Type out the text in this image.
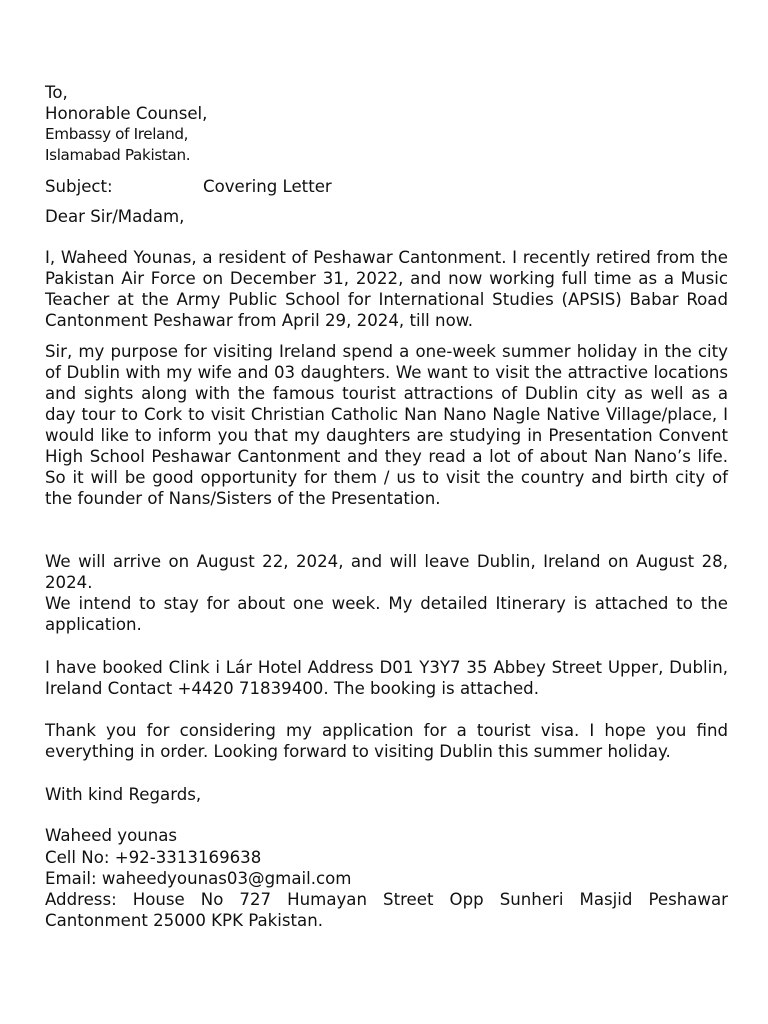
To,
Honorable Counsel,
Embassy of Ireland,
Islamabad Pakistan.
Subject:	Covering Letter
Dear Sir/Madam,
I, Waheed Younas, a resident of Peshawar Cantonment. I recently retired from the Pakistan Air Force on December 31, 2022, and now working full time as a Music Teacher at the Army Public School for International Studies (APSIS) Babar Road Cantonment Peshawar from April 29, 2024, till now.
Sir, my purpose for visiting Ireland spend a one-week summer holiday in the city of Dublin with my wife and 03 daughters. We want to visit the attractive locations and sights along with the famous tourist attractions of Dublin city as well as a day tour to Cork to visit Christian Catholic Nan Nano Nagle Native Village/place, I would like to inform you that my daughters are studying in Presentation Convent High School Peshawar Cantonment and they read a lot of about Nan Nano’s life. So it will be good opportunity for them / us to visit the country and birth city of the founder of Nans/Sisters of the Presentation.
We will arrive on August 22, 2024, and will leave Dublin, Ireland on August 28, 2024.
We intend to stay for about one week. My detailed Itinerary is attached to the application.
I have booked Clink i Lár Hotel Address D01 Y3Y7 35 Abbey Street Upper, Dublin, Ireland Contact +4420 71839400. The booking is attached.
Thank you for considering my application for a tourist visa. I hope you find everything in order. Looking forward to visiting Dublin this summer holiday.
With kind Regards,
Waheed younas
Cell No: +92-3313169638
Email: waheedyounas03@gmail.com
Address: House No 727 Humayan Street Opp Sunheri Masjid Peshawar Cantonment 25000 KPK Pakistan.
